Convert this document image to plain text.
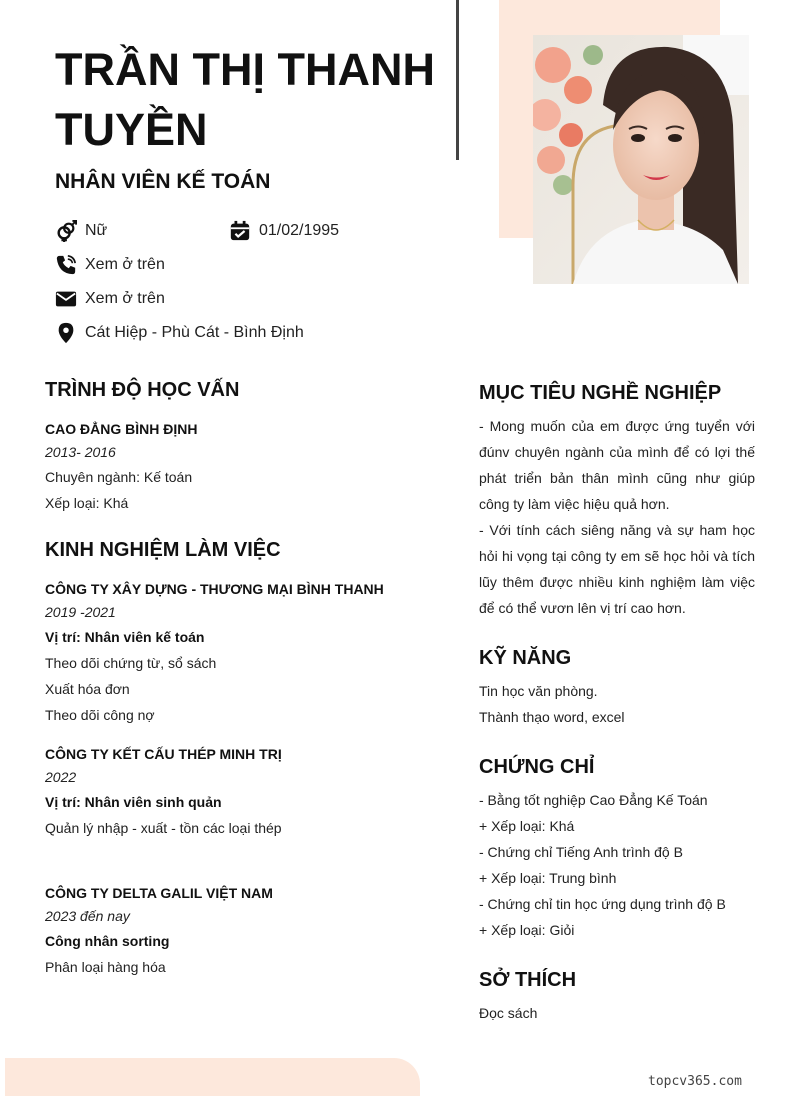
TRẦN THỊ THANH TUYỀN
NHÂN VIÊN KẾ TOÁN
Nữ	01/02/1995
Xem ở trên
Xem ở trên
Cát Hiệp - Phù Cát - Bình Định
TRÌNH ĐỘ HỌC VẤN
CAO ĐẲNG BÌNH ĐỊNH
2013- 2016
Chuyên ngành: Kế toán
Xếp loại: Khá
KINH NGHIỆM LÀM VIỆC
CÔNG TY XÂY DỰNG - THƯƠNG MẠI BÌNH THANH
2019 -2021
Vị trí: Nhân viên kế toán
Theo dõi chứng từ, sổ sách
Xuất hóa đơn
Theo dõi công nợ
CÔNG TY KẾT CẤU THÉP MINH TRỊ
2022
Vị trí: Nhân viên sinh quản
Quản lý nhập - xuất - tồn các loại thép
CÔNG TY DELTA GALIL VIỆT NAM
2023 đến nay
Công nhân sorting
Phân loại hàng hóa
MỤC TIÊU NGHỀ NGHIỆP
- Mong muốn của em được ứng tuyển với đúnv chuyên ngành của mình để có lợi thế phát triển bản thân mình cũng như giúp công ty làm việc hiệu quả hơn.
- Với tính cách siêng năng và sự ham học hỏi hi vọng tại công ty em sẽ học hỏi và tích lũy thêm được nhiều kinh nghiệm làm việc để có thể vươn lên vị trí cao hơn.
KỸ NĂNG
Tin học văn phòng.
Thành thạo word, excel
CHỨNG CHỈ
- Bằng tốt nghiệp Cao Đẳng Kế Toán
+ Xếp loại: Khá
- Chứng chỉ Tiếng Anh trình độ B
+ Xếp loại: Trung bình
- Chứng chỉ tin học ứng dụng trình độ B
+ Xếp loại: Giỏi
SỞ THÍCH
Đọc sách
topcv365.com
